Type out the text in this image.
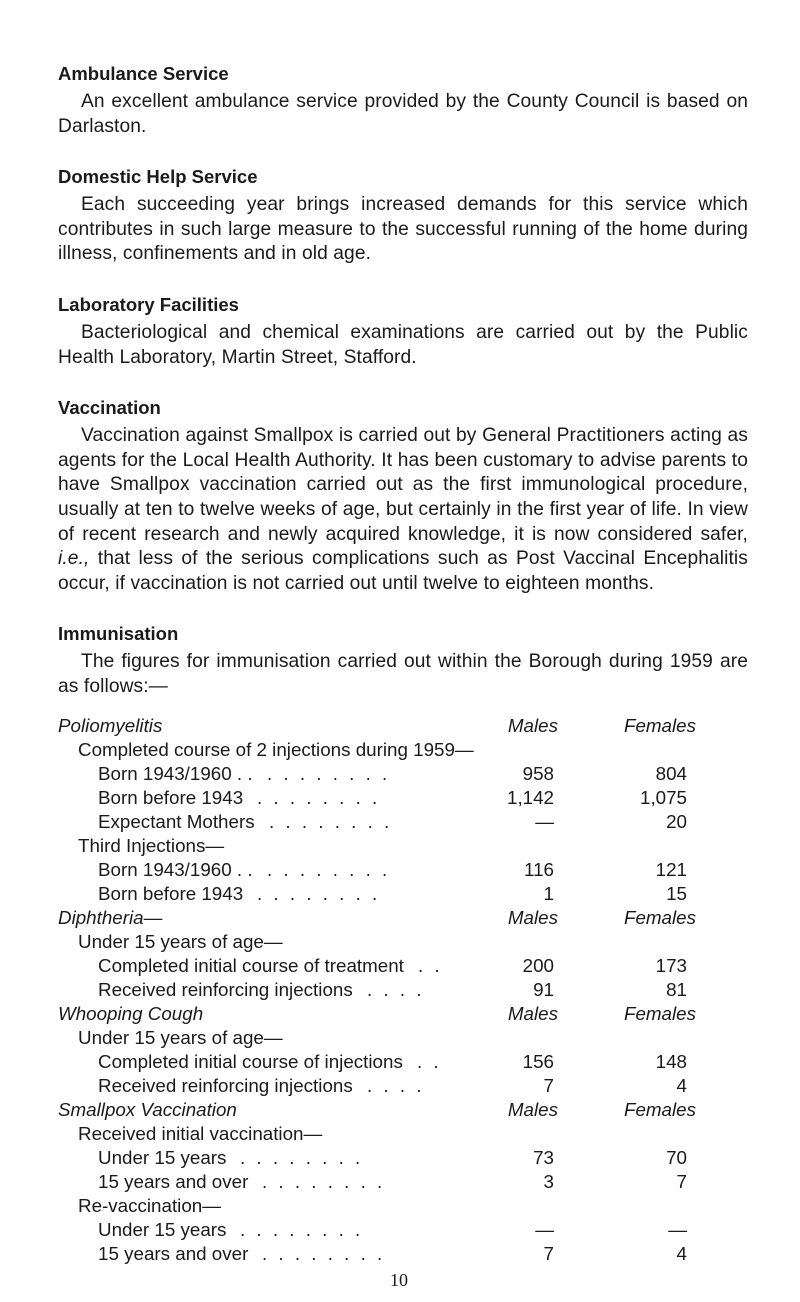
Ambulance Service

An excellent ambulance service provided by the County Council is based on Darlaston.

Domestic Help Service

Each succeeding year brings increased demands for this service which contributes in such large measure to the successful running of the home during illness, confinements and in old age.

Laboratory Facilities

Bacteriological and chemical examinations are carried out by the Public Health Laboratory, Martin Street, Stafford.

Vaccination

Vaccination against Smallpox is carried out by General Practitioners acting as agents for the Local Health Authority. It has been customary to advise parents to have Smallpox vaccination carried out as the first immunological procedure, usually at ten to twelve weeks of age, but certainly in the first year of life. In view of recent research and newly acquired knowledge, it is now considered safer, i.e., that less of the serious complications such as Post Vaccinal Encephalitis occur, if vaccination is not carried out until twelve to eighteen months.

Immunisation

The figures for immunisation carried out within the Borough during 1959 are as follows:—

Poliomyelitis	Males	Females
Completed course of 2 injections during 1959—
Born 1943/1960 . . . . . . . . . .	958	804
Born before 1943 . . . . . . . .	1,142	1,075
Expectant Mothers . . . . . . . .	—	20
Third Injections—
Born 1943/1960 . . . . . . . . . .	116	121
Born before 1943 . . . . . . . .	1	15
Diphtheria—	Males	Females
Under 15 years of age—
Completed initial course of treatment . .	200	173
Received reinforcing injections . . . .	91	81
Whooping Cough	Males	Females
Under 15 years of age—
Completed initial course of injections . .	156	148
Received reinforcing injections . . . .	7	4
Smallpox Vaccination	Males	Females
Received initial vaccination—
Under 15 years . . . . . . . .	73	70
15 years and over . . . . . . . .	3	7
Re-vaccination—
Under 15 years . . . . . . . .	—	—
15 years and over . . . . . . . .	7	4
10
